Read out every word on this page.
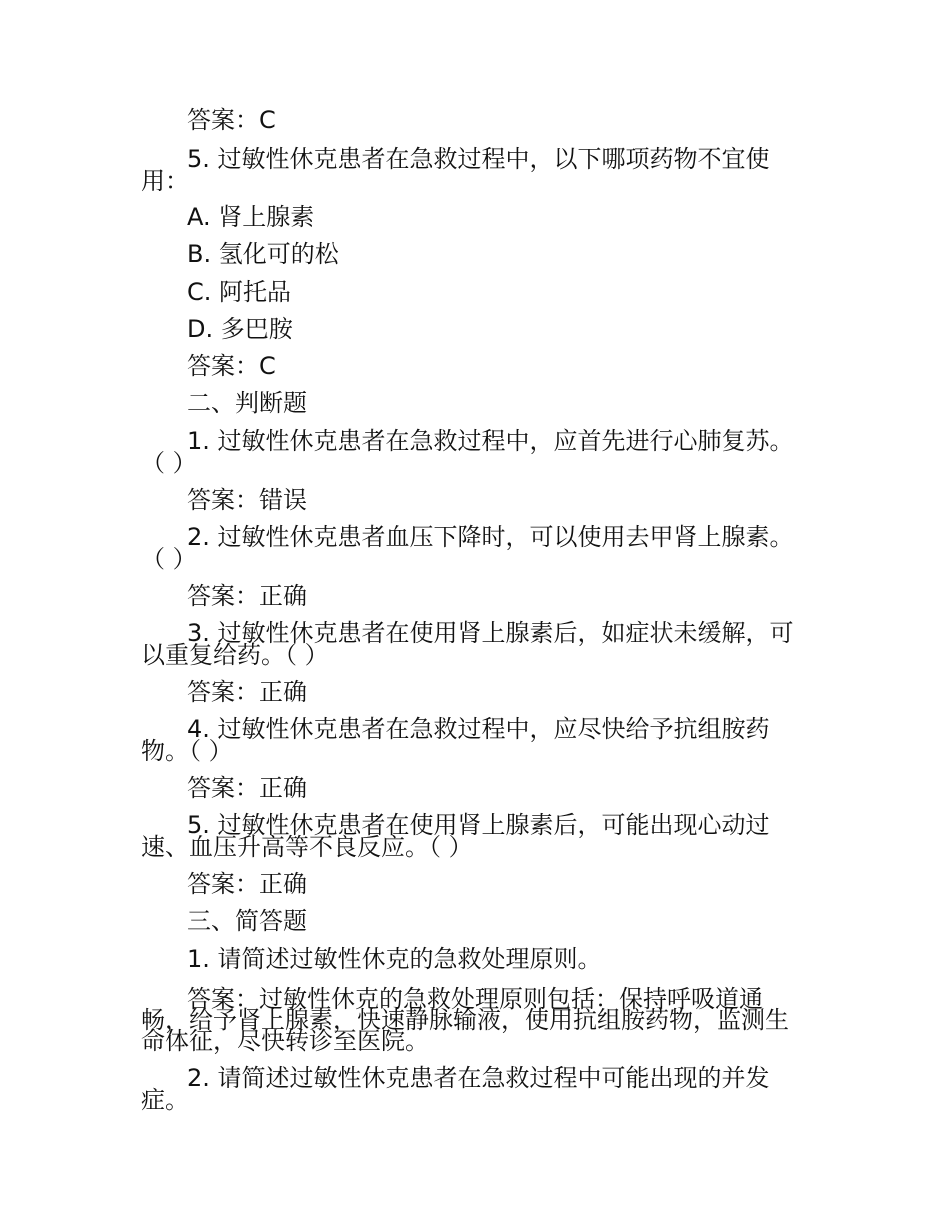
答案：C
5. 过敏性休克患者在急救过程中，以下哪项药物不宜使
用：
A. 肾上腺素
B. 氢化可的松
C. 阿托品
D. 多巴胺
答案：C
二、判断题
1. 过敏性休克患者在急救过程中，应首先进行心肺复苏。
（ ）
答案：错误
2. 过敏性休克患者血压下降时，可以使用去甲肾上腺素。
（ ）
答案：正确
3. 过敏性休克患者在使用肾上腺素后，如症状未缓解，可
以重复给药。（ ）
答案：正确
4. 过敏性休克患者在急救过程中，应尽快给予抗组胺药
物。（ ）
答案：正确
5. 过敏性休克患者在使用肾上腺素后，可能出现心动过
速、血压升高等不良反应。（ ）
答案：正确
三、简答题
1. 请简述过敏性休克的急救处理原则。
答案：过敏性休克的急救处理原则包括：保持呼吸道通
畅，给予肾上腺素，快速静脉输液，使用抗组胺药物，监测生
命体征，尽快转诊至医院。
2. 请简述过敏性休克患者在急救过程中可能出现的并发
症。
